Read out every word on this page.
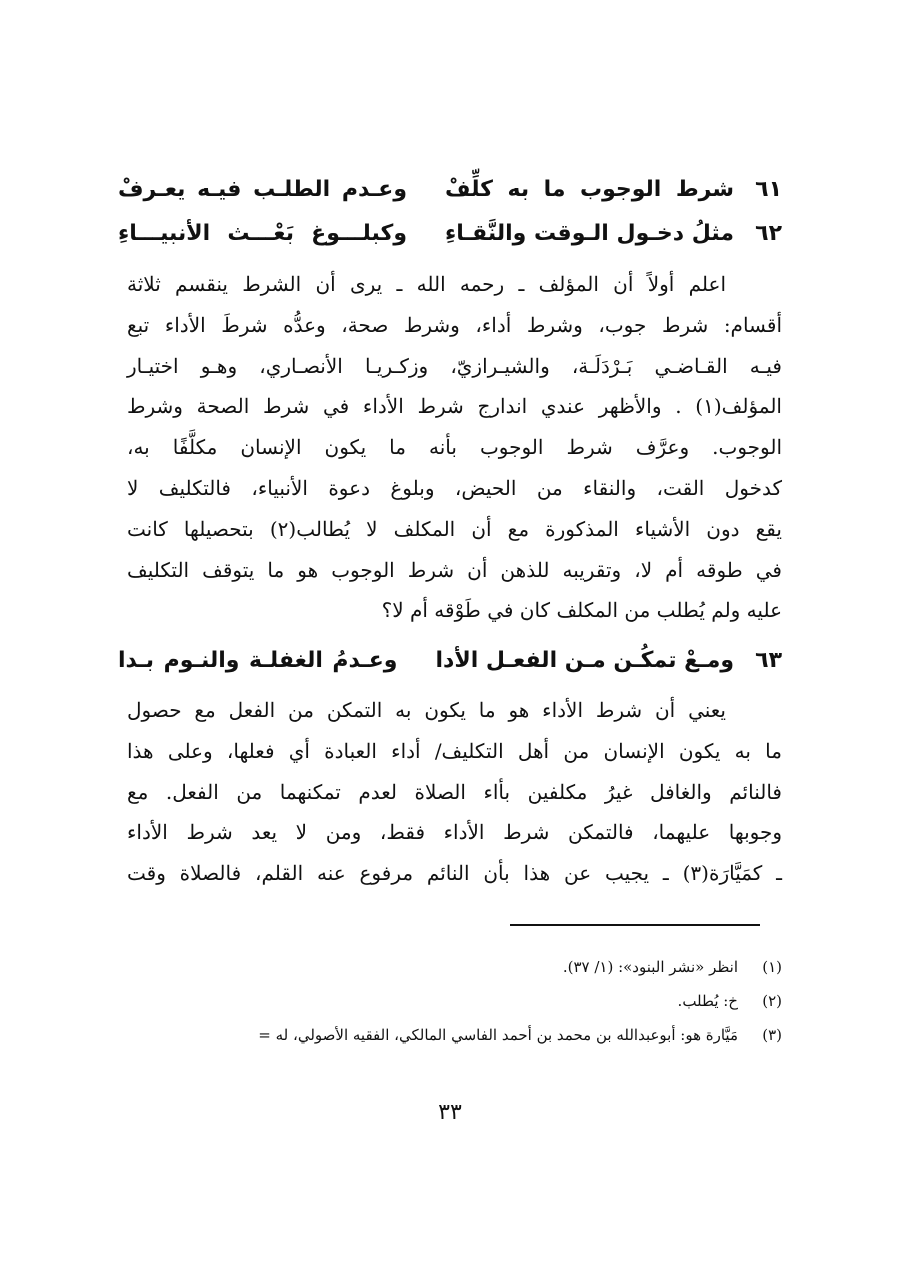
٦١
شرط الوجوب ما به كلِّفْ
وعـدم الطلـب فيـه يعـرفْ
٦٢
مثلُ دخـول الـوقت والنَّقـاءِ
وكبلـــوغ بَعْـــث الأنبيـــاءِ
اعلم أولاً أن المؤلف ـ رحمه الله ـ يرى أن الشرط ينقسم ثلاثة
أقسام: شرط جوب، وشرط أداء، وشرط صحة، وعدُّه شرطَ الأداء تبع
فيـه القـاضـي بَـرْدَلَـة، والشيـرازيّ، وزكـريـا الأنصـاري، وهـو اختيـار
المؤلف(١) . والأظهر عندي اندارج شرط الأداء في شرط الصحة وشرط
الوجوب. وعرَّف شرط الوجوب بأنه ما يكون الإنسان مكلَّفًا به،
كدخول القت، والنقاء من الحيض، وبلوغ دعوة الأنبياء، فالتكليف لا
يقع دون الأشياء المذكورة مع أن المكلف لا يُطالب(٢) بتحصيلها كانت
في طوقه أم لا، وتقريبه للذهن أن شرط الوجوب هو ما يتوقف التكليف
عليه ولم يُطلب من المكلف كان في طَوْقه أم لا؟
٦٣
ومـعْ تمكُـن مـن الفعـل الأدا
وعـدمُ الغفلـة والنـوم بـدا
يعني أن شرط الأداء هو ما يكون به التمكن من الفعل مع حصول
ما به يكون الإنسان من أهل التكليف/ أداء العبادة أي فعلها، وعلى هذا
فالنائم والغافل غيرُ مكلفين بأاء الصلاة لعدم تمكنهما من الفعل. مع
وجوبها عليهما، فالتمكن شرط الأداء فقط، ومن لا يعد شرط الأداء
ـ كمَيَّارَة(٣) ـ يجيب عن هذا بأن النائم مرفوع عنه القلم، فالصلاة وقت
(١)
انظر «نشر البنود»: (١/ ٣٧).
(٢)
خ: يُطلب.
(٣)
مَيَّارة هو: أبوعبدالله بن محمد بن أحمد الفاسي المالكي، الفقيه الأصولي، له =
٣٣
